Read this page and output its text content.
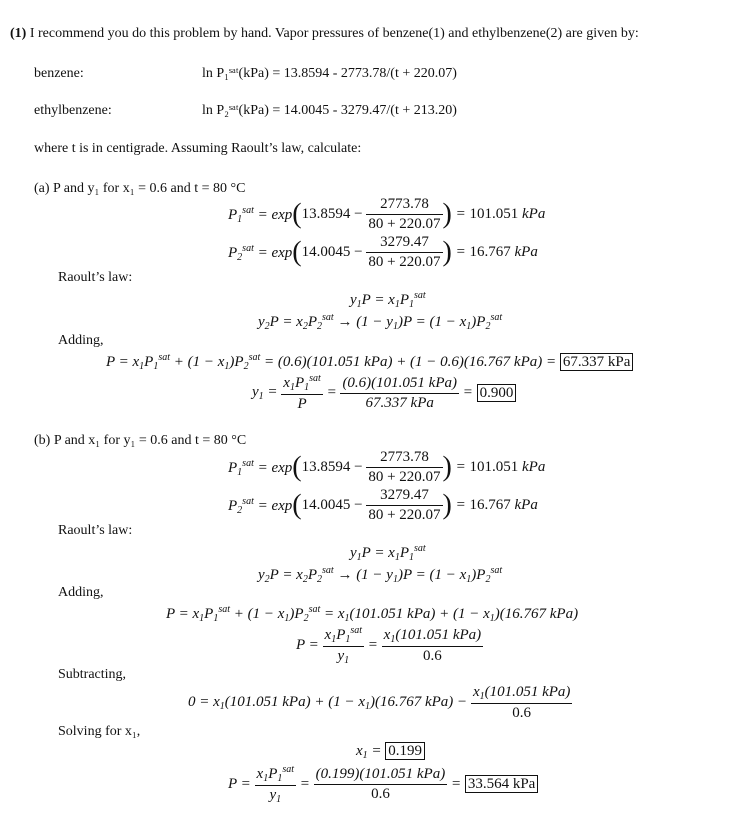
(1) I recommend you do this problem by hand. Vapor pressures of benzene(1) and ethylbenzene(2) are given by:
benzene:	ln P₁ˢᵃᵗ(kPa) = 13.8594 - 2773.78/(t + 220.07)
ethylbenzene:	ln P₂ˢᵃᵗ(kPa) = 14.0045 - 3279.47/(t + 213.20)
where t is in centigrade. Assuming Raoult’s law, calculate:
(a) P and y₁ for x₁ = 0.6 and t = 80 °C
$P_1^{sat} = \exp(13.8594 - \frac{2773.78}{80 + 220.07}$ ) = 101.051 kPa
$P_2^{sat} = \exp(14.0045 - \frac{3279.47}{80 + 220.07}$ ) = 16.767 kPa
Raoult’s law:
$y_1P = x_1P_1^{sat}$
$y_2P = x_2P_2^{sat} \to (1 - y_1)P = (1 - x_1)P_2^{sat}$
Adding,
$P = x_1P_1^{sat} + (1 - x_1)P_2^{sat} = (0.6)(101.051$ kPa) + (1 − 0.6)(16.767 kPa) = 67.337 kPa
$y_1 = \frac{x_1P_1^{sat}}{P} = \frac{\text{(0.6)(101.051 kPa)}}{\text{67.337 kPa}} = 0.900$
(b) P and x₁ for y₁ = 0.6 and t = 80 °C
$P_1^{sat} = \exp(13.8594 - \frac{2773.78}{80 + 220.07}$ ) = 101.051 kPa
$P_2^{sat} = \exp(14.0045 - \frac{3279.47}{80 + 220.07}$ ) = 16.767 kPa
Raoult’s law:
$y_1P = x_1P_1^{sat}$
$y_2P = x_2P_2^{sat} \to (1 - y_1)P = (1 - x_1)P_2^{sat}$
Adding,
$P = x_1P_1^{sat} + (1 - x_1)P_2^{sat} = x_1(101.051$ $kPa) + (1 - x_1)(16.767$ kPa)
$P = \frac{x_1P_1^{sat}}{y_1} = \frac{x_1(101.051 kPa)}{0.6}$
Subtracting,
$0 = x_1(101.051$ $kPa) + (1 - x_1)(16.767$ $kPa) - \frac{x_1(101.051 kPa)}{0.6}$
Solving for x₁,
$x_1 = 0.199$
$P = \frac{x_1P_1^{sat}}{y_1} = \frac{\text{(0.199)(101.051 kPa)}}{0.6} = 33.564$ kPa
